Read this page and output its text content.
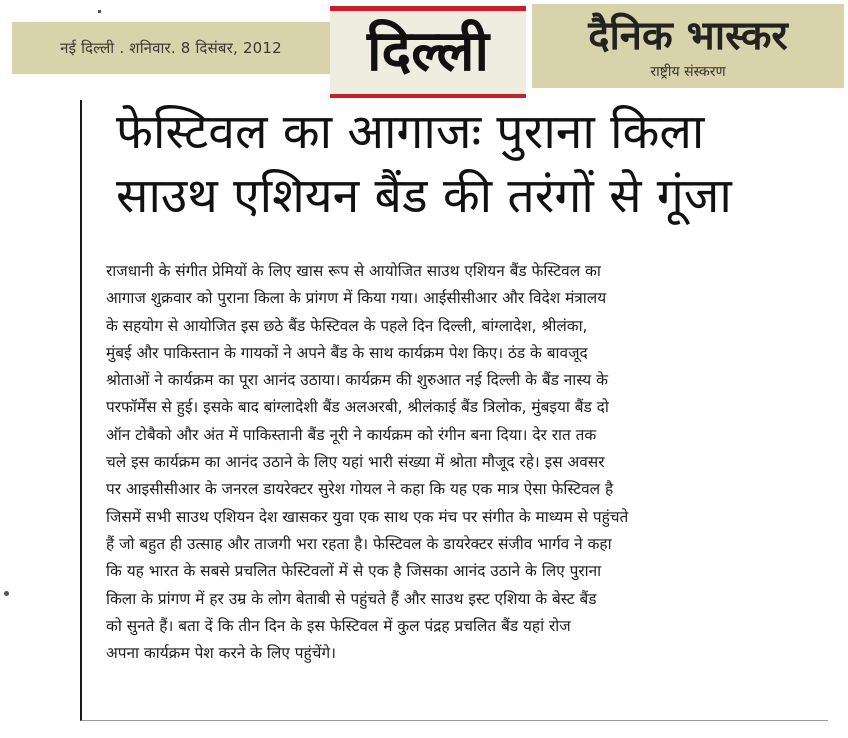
नई दिल्ली . शनिवार. 8 दिसंबर, 2012	दिल्ली	दैनिक भास्कर
राष्ट्रीय संस्करण
फेस्टिवल का आगाजः पुराना किला
साउथ एशियन बैंड की तरंगों से गूंजा
राजधानी के संगीत प्रेमियों के लिए खास रूप से आयोजित साउथ एशियन बैंड फेस्टिवल का
आगाज शुक्रवार को पुराना किला के प्रांगण में किया गया। आईसीसीआर और विदेश मंत्रालय
के सहयोग से आयोजित इस छठे बैंड फेस्टिवल के पहले दिन दिल्ली, बांग्लादेश, श्रीलंका,
मुंबई और पाकिस्तान के गायकों ने अपने बैंड के साथ कार्यक्रम पेश किए। ठंड के बावजूद
श्रोताओं ने कार्यक्रम का पूरा आनंद उठाया। कार्यक्रम की शुरुआत नई दिल्ली के बैंड नास्य के
परफॉर्मेंस से हुई। इसके बाद बांग्लादेशी बैंड अलअरबी, श्रीलंकाई बैंड त्रिलोक, मुंबइया बैंड दो
ऑन टोबैको और अंत में पाकिस्तानी बैंड नूरी ने कार्यक्रम को रंगीन बना दिया। देर रात तक
चले इस कार्यक्रम का आनंद उठाने के लिए यहां भारी संख्या में श्रोता मौजूद रहे। इस अवसर
पर आइसीसीआर के जनरल डायरेक्टर सुरेश गोयल ने कहा कि यह एक मात्र ऐसा फेस्टिवल है
जिसमें सभी साउथ एशियन देश खासकर युवा एक साथ एक मंच पर संगीत के माध्यम से पहुंचते
हैं जो बहुत ही उत्साह और ताजगी भरा रहता है। फेस्टिवल के डायरेक्टर संजीव भार्गव ने कहा
कि यह भारत के सबसे प्रचलित फेस्टिवलों में से एक है जिसका आनंद उठाने के लिए पुराना
किला के प्रांगण में हर उम्र के लोग बेताबी से पहुंचते हैं और साउथ इस्ट एशिया के बेस्ट बैंड
को सुनते हैं। बता दें कि तीन दिन के इस फेस्टिवल में कुल पंद्रह प्रचलित बैंड यहां रोज
अपना कार्यक्रम पेश करने के लिए पहुंचेंगे।
